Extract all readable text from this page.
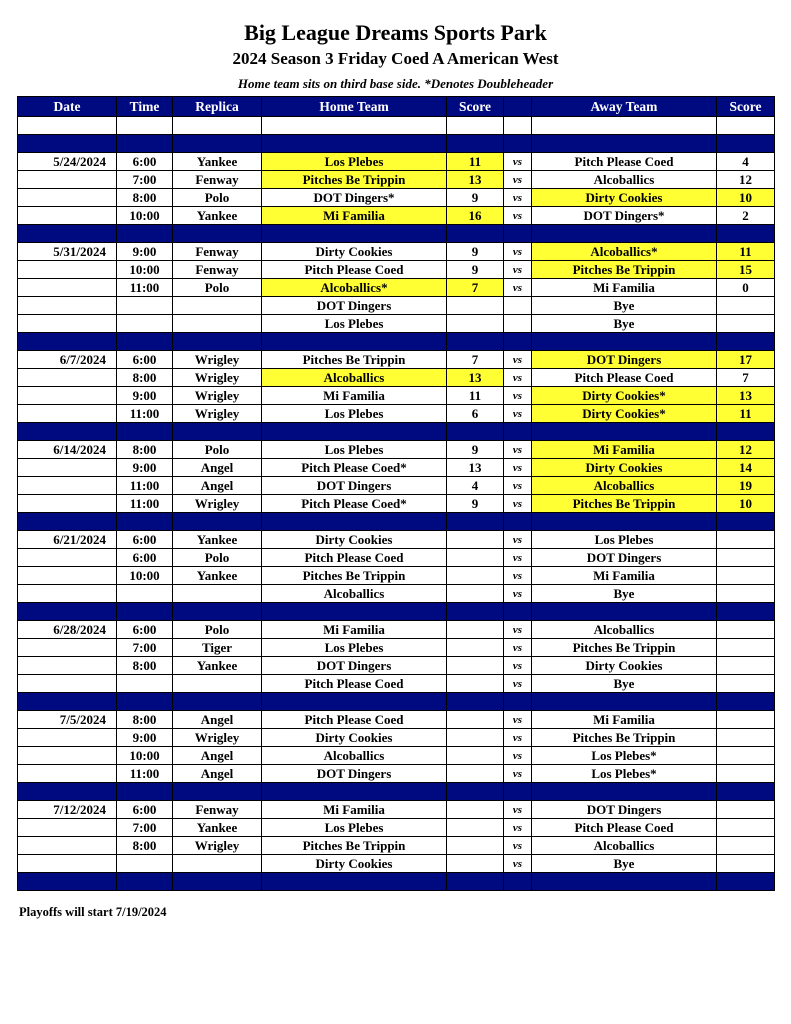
Big League Dreams Sports Park
2024 Season 3 Friday Coed A American West
Home team sits on third base side. *Denotes Doubleheader
Date	Time	Replica	Home Team	Score		Away Team	Score

5/24/2024	6:00	Yankee	Los Plebes	11	vs	Pitch Please Coed	4
	7:00	Fenway	Pitches Be Trippin	13	vs	Alcoballics	12
	8:00	Polo	DOT Dingers*	9	vs	Dirty Cookies	10
	10:00	Yankee	Mi Familia	16	vs	DOT Dingers*	2

5/31/2024	9:00	Fenway	Dirty Cookies	9	vs	Alcoballics*	11
	10:00	Fenway	Pitch Please Coed	9	vs	Pitches Be Trippin	15
	11:00	Polo	Alcoballics*	7	vs	Mi Familia	0
			DOT Dingers			Bye	
			Los Plebes			Bye	

6/7/2024	6:00	Wrigley	Pitches Be Trippin	7	vs	DOT Dingers	17
	8:00	Wrigley	Alcoballics	13	vs	Pitch Please Coed	7
	9:00	Wrigley	Mi Familia	11	vs	Dirty Cookies*	13
	11:00	Wrigley	Los Plebes	6	vs	Dirty Cookies*	11

6/14/2024	8:00	Polo	Los Plebes	9	vs	Mi Familia	12
	9:00	Angel	Pitch Please Coed*	13	vs	Dirty Cookies	14
	11:00	Angel	DOT Dingers	4	vs	Alcoballics	19
	11:00	Wrigley	Pitch Please Coed*	9	vs	Pitches Be Trippin	10

6/21/2024	6:00	Yankee	Dirty Cookies		vs	Los Plebes	
	6:00	Polo	Pitch Please Coed		vs	DOT Dingers	
	10:00	Yankee	Pitches Be Trippin		vs	Mi Familia	
			Alcoballics		vs	Bye	

6/28/2024	6:00	Polo	Mi Familia		vs	Alcoballics	
	7:00	Tiger	Los Plebes		vs	Pitches Be Trippin	
	8:00	Yankee	DOT Dingers		vs	Dirty Cookies	
			Pitch Please Coed		vs	Bye	

7/5/2024	8:00	Angel	Pitch Please Coed		vs	Mi Familia	
	9:00	Wrigley	Dirty Cookies		vs	Pitches Be Trippin	
	10:00	Angel	Alcoballics		vs	Los Plebes*	
	11:00	Angel	DOT Dingers		vs	Los Plebes*	

7/12/2024	6:00	Fenway	Mi Familia		vs	DOT Dingers	
	7:00	Yankee	Los Plebes		vs	Pitch Please Coed	
	8:00	Wrigley	Pitches Be Trippin		vs	Alcoballics	
			Dirty Cookies		vs	Bye	

Playoffs will start 7/19/2024
